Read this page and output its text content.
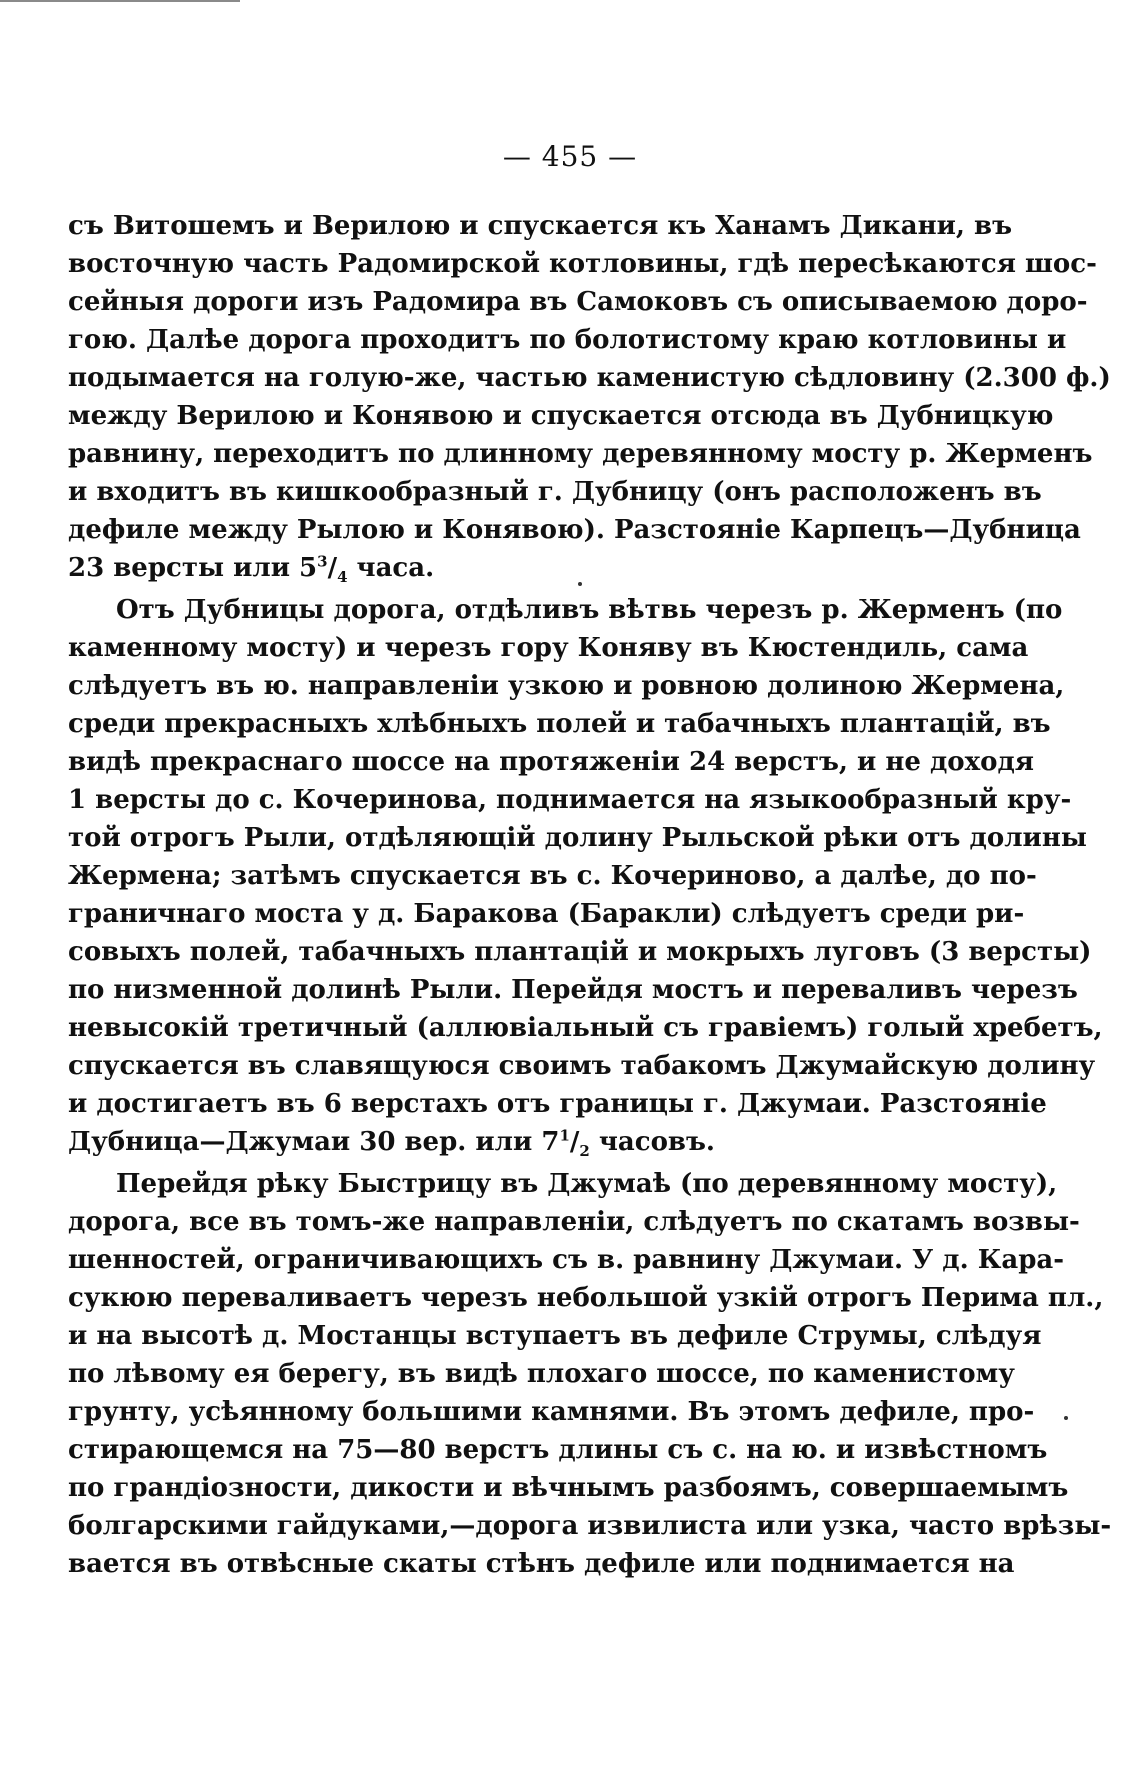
— 455 —
съ Витошемъ и Верилою и спускается къ Ханамъ Дикани, въ
восточную часть Радомирской котловины, гдѣ пересѣкаются шос-
сейныя дороги изъ Радомира въ Самоковъ съ описываемою доро-
гою. Далѣе дорога проходитъ по болотистому краю котловины и
подымается на голую-же, частью каменистую сѣдловину (2.300 ф.)
между Верилою и Конявою и спускается отсюда въ Дубницкую
равнину, переходитъ по длинному деревянному мосту р. Жерменъ
и входитъ въ кишкообразный г. Дубницу (онъ расположенъ въ
дефиле между Рылою и Конявою). Разстояніе Карпецъ—Дубница
23 версты или $5^3/_4$ часа.
Отъ Дубницы дорога, отдѣливъ вѣтвь черезъ р. Жерменъ (по
каменному мосту) и черезъ гору Коняву въ Кюстендиль, сама
слѣдуетъ въ ю. направленіи узкою и ровною долиною Жермена,
среди прекрасныхъ хлѣбныхъ полей и табачныхъ плантацій, въ
видѣ прекраснаго шоссе на протяженіи 24 верстъ, и не доходя
1 версты до с. Кочеринова, поднимается на языкообразный кру-
той отрогъ Рыли, отдѣляющій долину Рыльской рѣки отъ долины
Жермена; затѣмъ спускается въ с. Кочериново, а далѣе, до по-
граничнаго моста у д. Баракова (Баракли) слѣдуетъ среди ри-
совыхъ полей, табачныхъ плантацій и мокрыхъ луговъ (3 версты)
по низменной долинѣ Рыли. Перейдя мостъ и переваливъ черезъ
невысокій третичный (аллювіальный съ гравіемъ) голый хребетъ,
спускается въ славящуюся своимъ табакомъ Джумайскую долину
и достигаетъ въ 6 верстахъ отъ границы г. Джумаи. Разстояніе
Дубница—Джумаи 30 вер. или $7^1/_2$ часовъ.
Перейдя рѣку Быстрицу въ Джумаѣ (по деревянному мосту),
дорога, все въ томъ-же направленіи, слѣдуетъ по скатамъ возвы-
шенностей, ограничивающихъ съ в. равнину Джумаи. У д. Кара-
сукюю переваливаетъ черезъ небольшой узкій отрогъ Перима пл.,
и на высотѣ д. Мостанцы вступаетъ въ дефиле Струмы, слѣдуя
по лѣвому ея берегу, въ видѣ плохаго шоссе, по каменистому
грунту, усѣянному большими камнями. Въ этомъ дефиле, про-
стирающемся на 75—80 верстъ длины съ с. на ю. и извѣстномъ
по грандіозности, дикости и вѣчнымъ разбоямъ, совершаемымъ
болгарскими гайдуками,—дорога извилиста или узка, часто врѣзы-
вается въ отвѣсные скаты стѣнъ дефиле или поднимается на
